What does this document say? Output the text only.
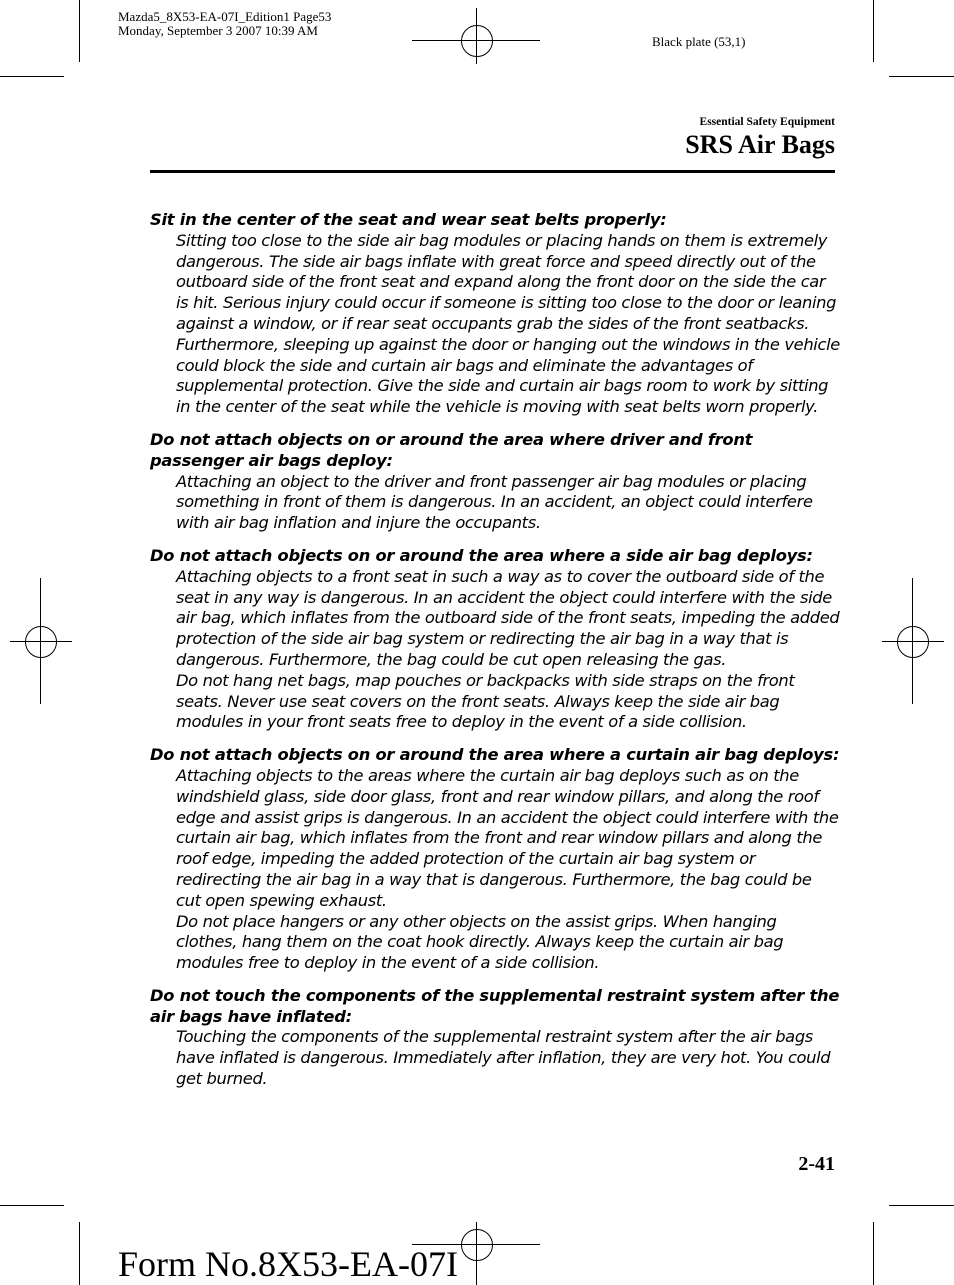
Mazda5_8X53-EA-07I_Edition1 Page53
Monday, September 3 2007 10:39 AM
Black plate (53,1)
Essential Safety Equipment
SRS Air Bags

Sit in the center of the seat and wear seat belts properly:

Sitting too close to the side air bag modules or placing hands on them is extremely dangerous. The side air bags inflate with great force and speed directly out of the outboard side of the front seat and expand along the front door on the side the car is hit. Serious injury could occur if someone is sitting too close to the door or leaning against a window, or if rear seat occupants grab the sides of the front seatbacks. Furthermore, sleeping up against the door or hanging out the windows in the vehicle could block the side and curtain air bags and eliminate the advantages of supplemental protection. Give the side and curtain air bags room to work by sitting in the center of the seat while the vehicle is moving with seat belts worn properly.

Do not attach objects on or around the area where driver and front passenger air bags deploy:

Attaching an object to the driver and front passenger air bag modules or placing something in front of them is dangerous. In an accident, an object could interfere with air bag inflation and injure the occupants.

Do not attach objects on or around the area where a side air bag deploys:

Attaching objects to a front seat in such a way as to cover the outboard side of the seat in any way is dangerous. In an accident the object could interfere with the side air bag, which inflates from the outboard side of the front seats, impeding the added protection of the side air bag system or redirecting the air bag in a way that is dangerous. Furthermore, the bag could be cut open releasing the gas.

Do not hang net bags, map pouches or backpacks with side straps on the front seats. Never use seat covers on the front seats. Always keep the side air bag modules in your front seats free to deploy in the event of a side collision.

Do not attach objects on or around the area where a curtain air bag deploys:

Attaching objects to the areas where the curtain air bag deploys such as on the windshield glass, side door glass, front and rear window pillars, and along the roof edge and assist grips is dangerous. In an accident the object could interfere with the curtain air bag, which inflates from the front and rear window pillars and along the roof edge, impeding the added protection of the curtain air bag system or redirecting the air bag in a way that is dangerous. Furthermore, the bag could be cut open spewing exhaust.

Do not place hangers or any other objects on the assist grips. When hanging clothes, hang them on the coat hook directly. Always keep the curtain air bag modules free to deploy in the event of a side collision.

Do not touch the components of the supplemental restraint system after the air bags have inflated:

Touching the components of the supplemental restraint system after the air bags have inflated is dangerous. Immediately after inflation, they are very hot. You could get burned.

2-41
Form No.8X53-EA-07I
